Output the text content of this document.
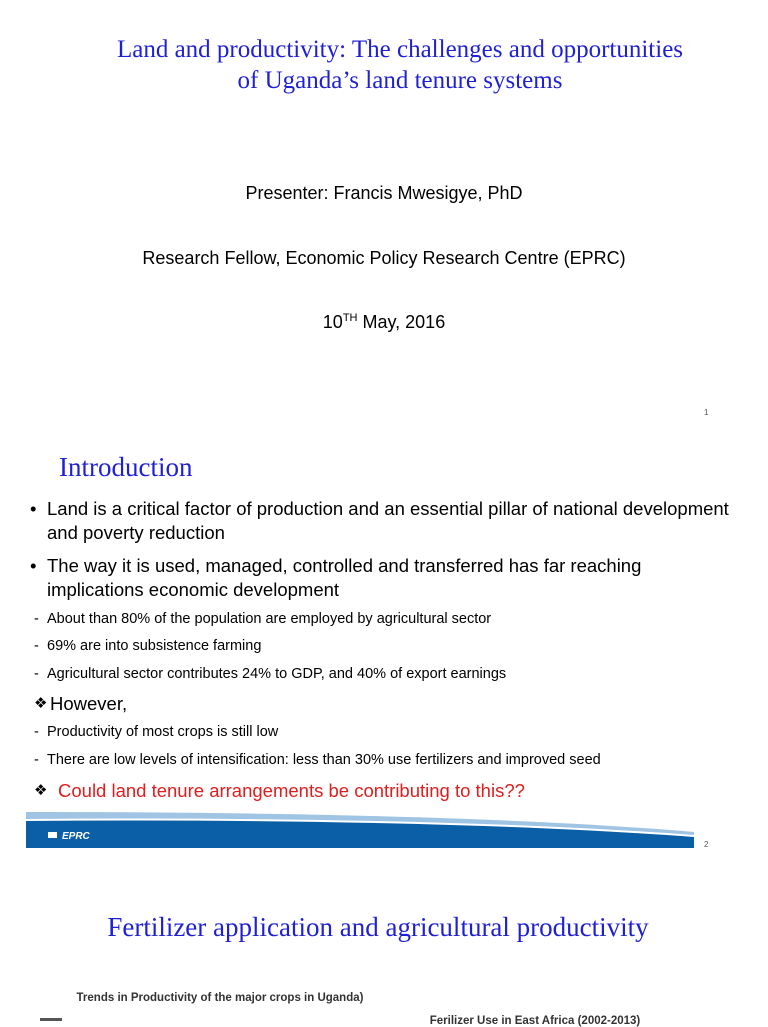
Land and productivity: The challenges and opportunities
of Uganda’s land tenure systems
Presenter: Francis Mwesigye, PhD
Research Fellow, Economic Policy Research Centre (EPRC)
10TH May, 2016
1
Introduction
• Land is a critical factor of production and an essential pillar of national development and poverty reduction
• The way it is used, managed, controlled and transferred has far reaching implications economic development
- About than 80% of the population are employed by agricultural sector
- 69% are into subsistence farming
- Agricultural sector contributes 24% to GDP, and 40% of export earnings
❖ However,
- Productivity of most crops is still low
- There are low levels of intensification: less than 30% use fertilizers and improved seed
❖ Could land tenure arrangements be contributing to this??
EPRC
2
Fertilizer application and agricultural productivity
Trends in Productivity of the major crops in Uganda)
Ferilizer Use in East Africa (2002-2013)
